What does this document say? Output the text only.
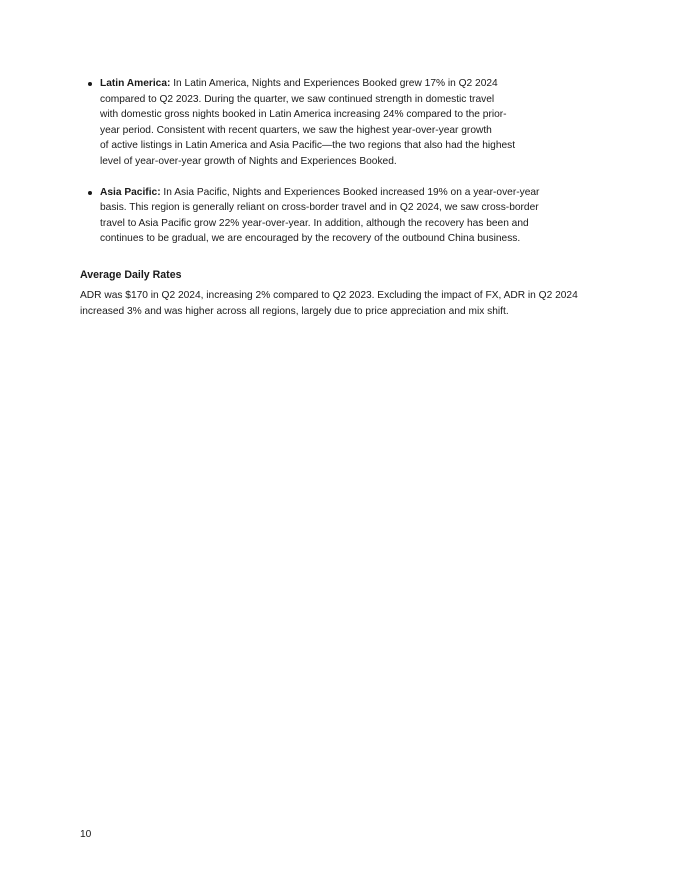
Latin America: In Latin America, Nights and Experiences Booked grew 17% in Q2 2024
compared to Q2 2023. During the quarter, we saw continued strength in domestic travel
with domestic gross nights booked in Latin America increasing 24% compared to the prior-
year period. Consistent with recent quarters, we saw the highest year-over-year growth
of active listings in Latin America and Asia Pacific—the two regions that also had the highest
level of year-over-year growth of Nights and Experiences Booked.
Asia Pacific: In Asia Pacific, Nights and Experiences Booked increased 19% on a year-over-year
basis. This region is generally reliant on cross-border travel and in Q2 2024, we saw cross-border
travel to Asia Pacific grow 22% year-over-year. In addition, although the recovery has been and
continues to be gradual, we are encouraged by the recovery of the outbound China business.
Average Daily Rates

ADR was $170 in Q2 2024, increasing 2% compared to Q2 2023. Excluding the impact of FX, ADR in Q2 2024
increased 3% and was higher across all regions, largely due to price appreciation and mix shift.

10
